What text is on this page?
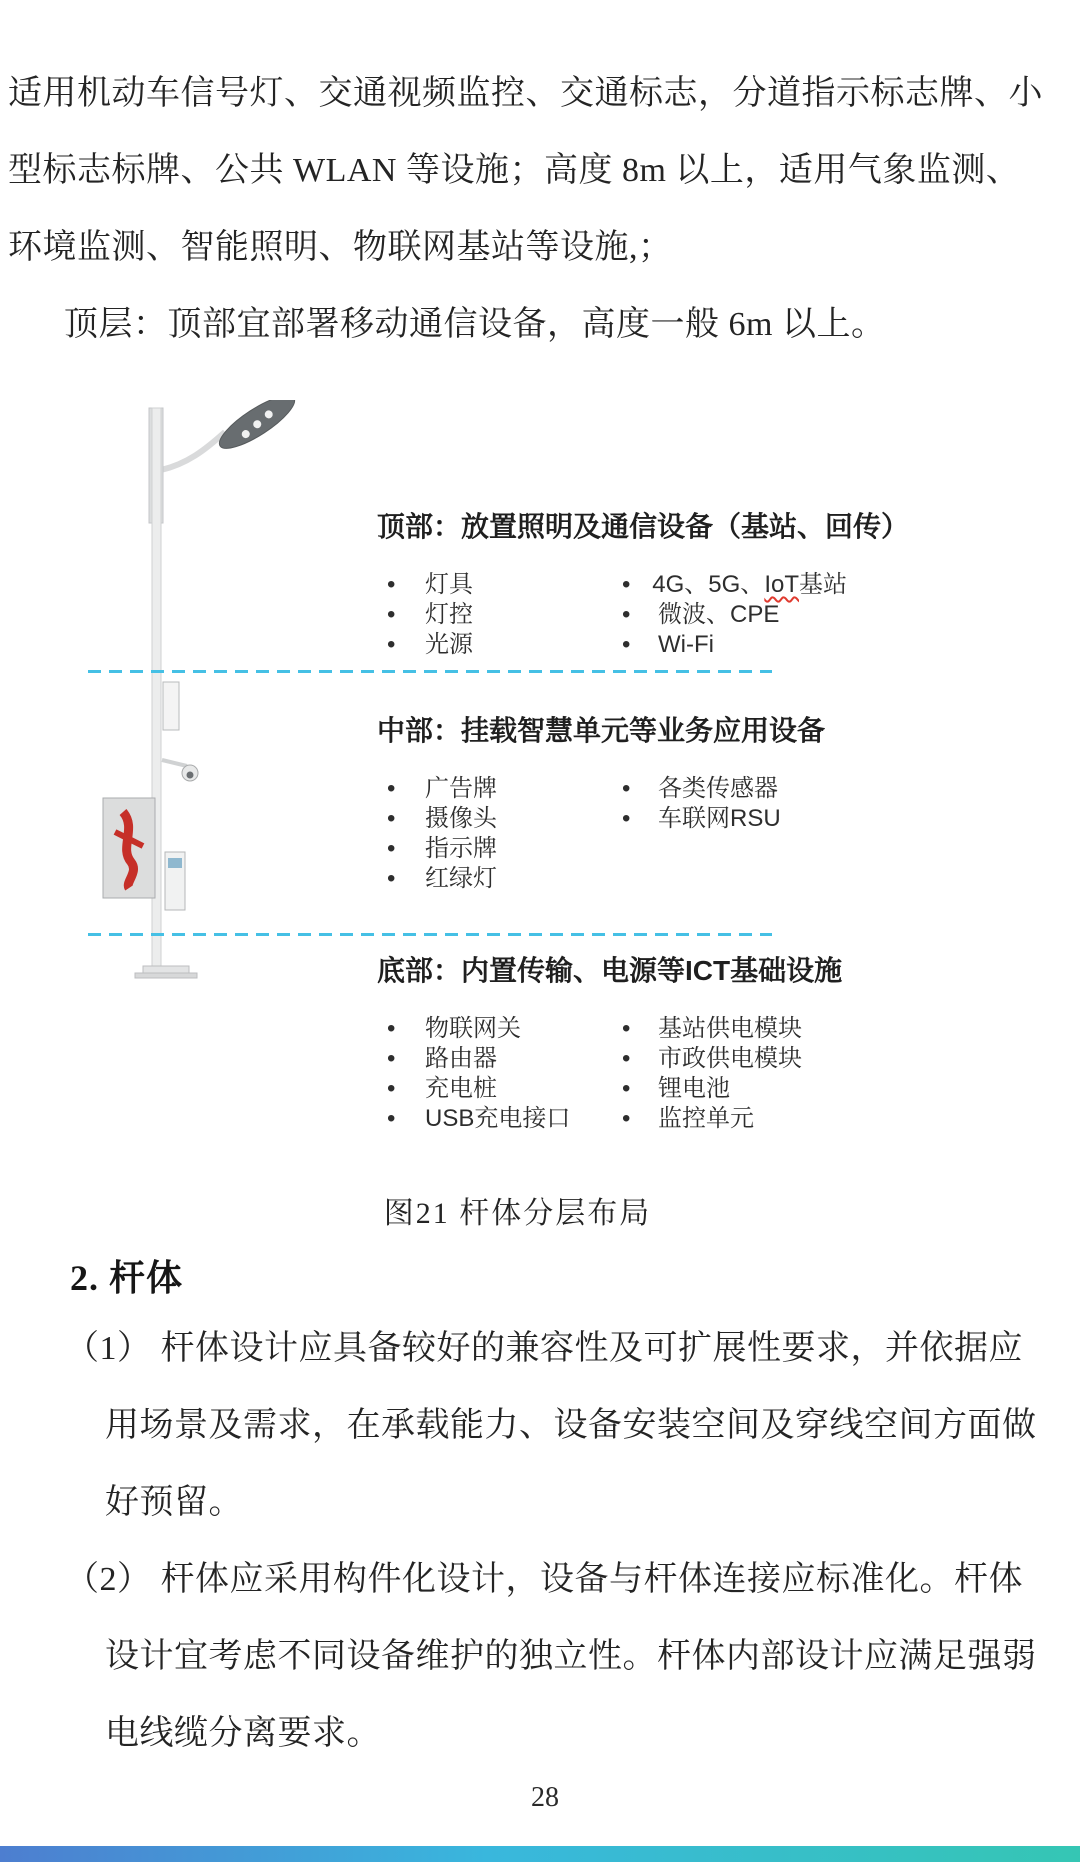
适用机动车信号灯、交通视频监控、交通标志，分道指示标志牌、小
型标志标牌、公共 WLAN 等设施；高度 8m 以上，适用气象监测、
环境监测、智能照明、物联网基站等设施,；
顶层：顶部宜部署移动通信设备，高度一般 6m 以上。
顶部：放置照明及通信设备（基站、回传）
•	灯具
•	灯控
•	光源
• 4G、5G、IoT基站
•	微波、CPE
•	Wi-Fi
中部：挂载智慧单元等业务应用设备
•	广告牌
•	摄像头
•	指示牌
•	红绿灯
•	各类传感器
•	车联网RSU
底部：内置传输、电源等ICT基础设施
•	物联网关
•	路由器
•	充电桩
•	USB充电接口
•	基站供电模块
•	市政供电模块
•	锂电池
•	监控单元
图21 杆体分层布局
2. 杆体
（1） 杆体设计应具备较好的兼容性及可扩展性要求，并依据应
用场景及需求，在承载能力、设备安装空间及穿线空间方面做
好预留。
（2） 杆体应采用构件化设计，设备与杆体连接应标准化。杆体
设计宜考虑不同设备维护的独立性。杆体内部设计应满足强弱
电线缆分离要求。
28
